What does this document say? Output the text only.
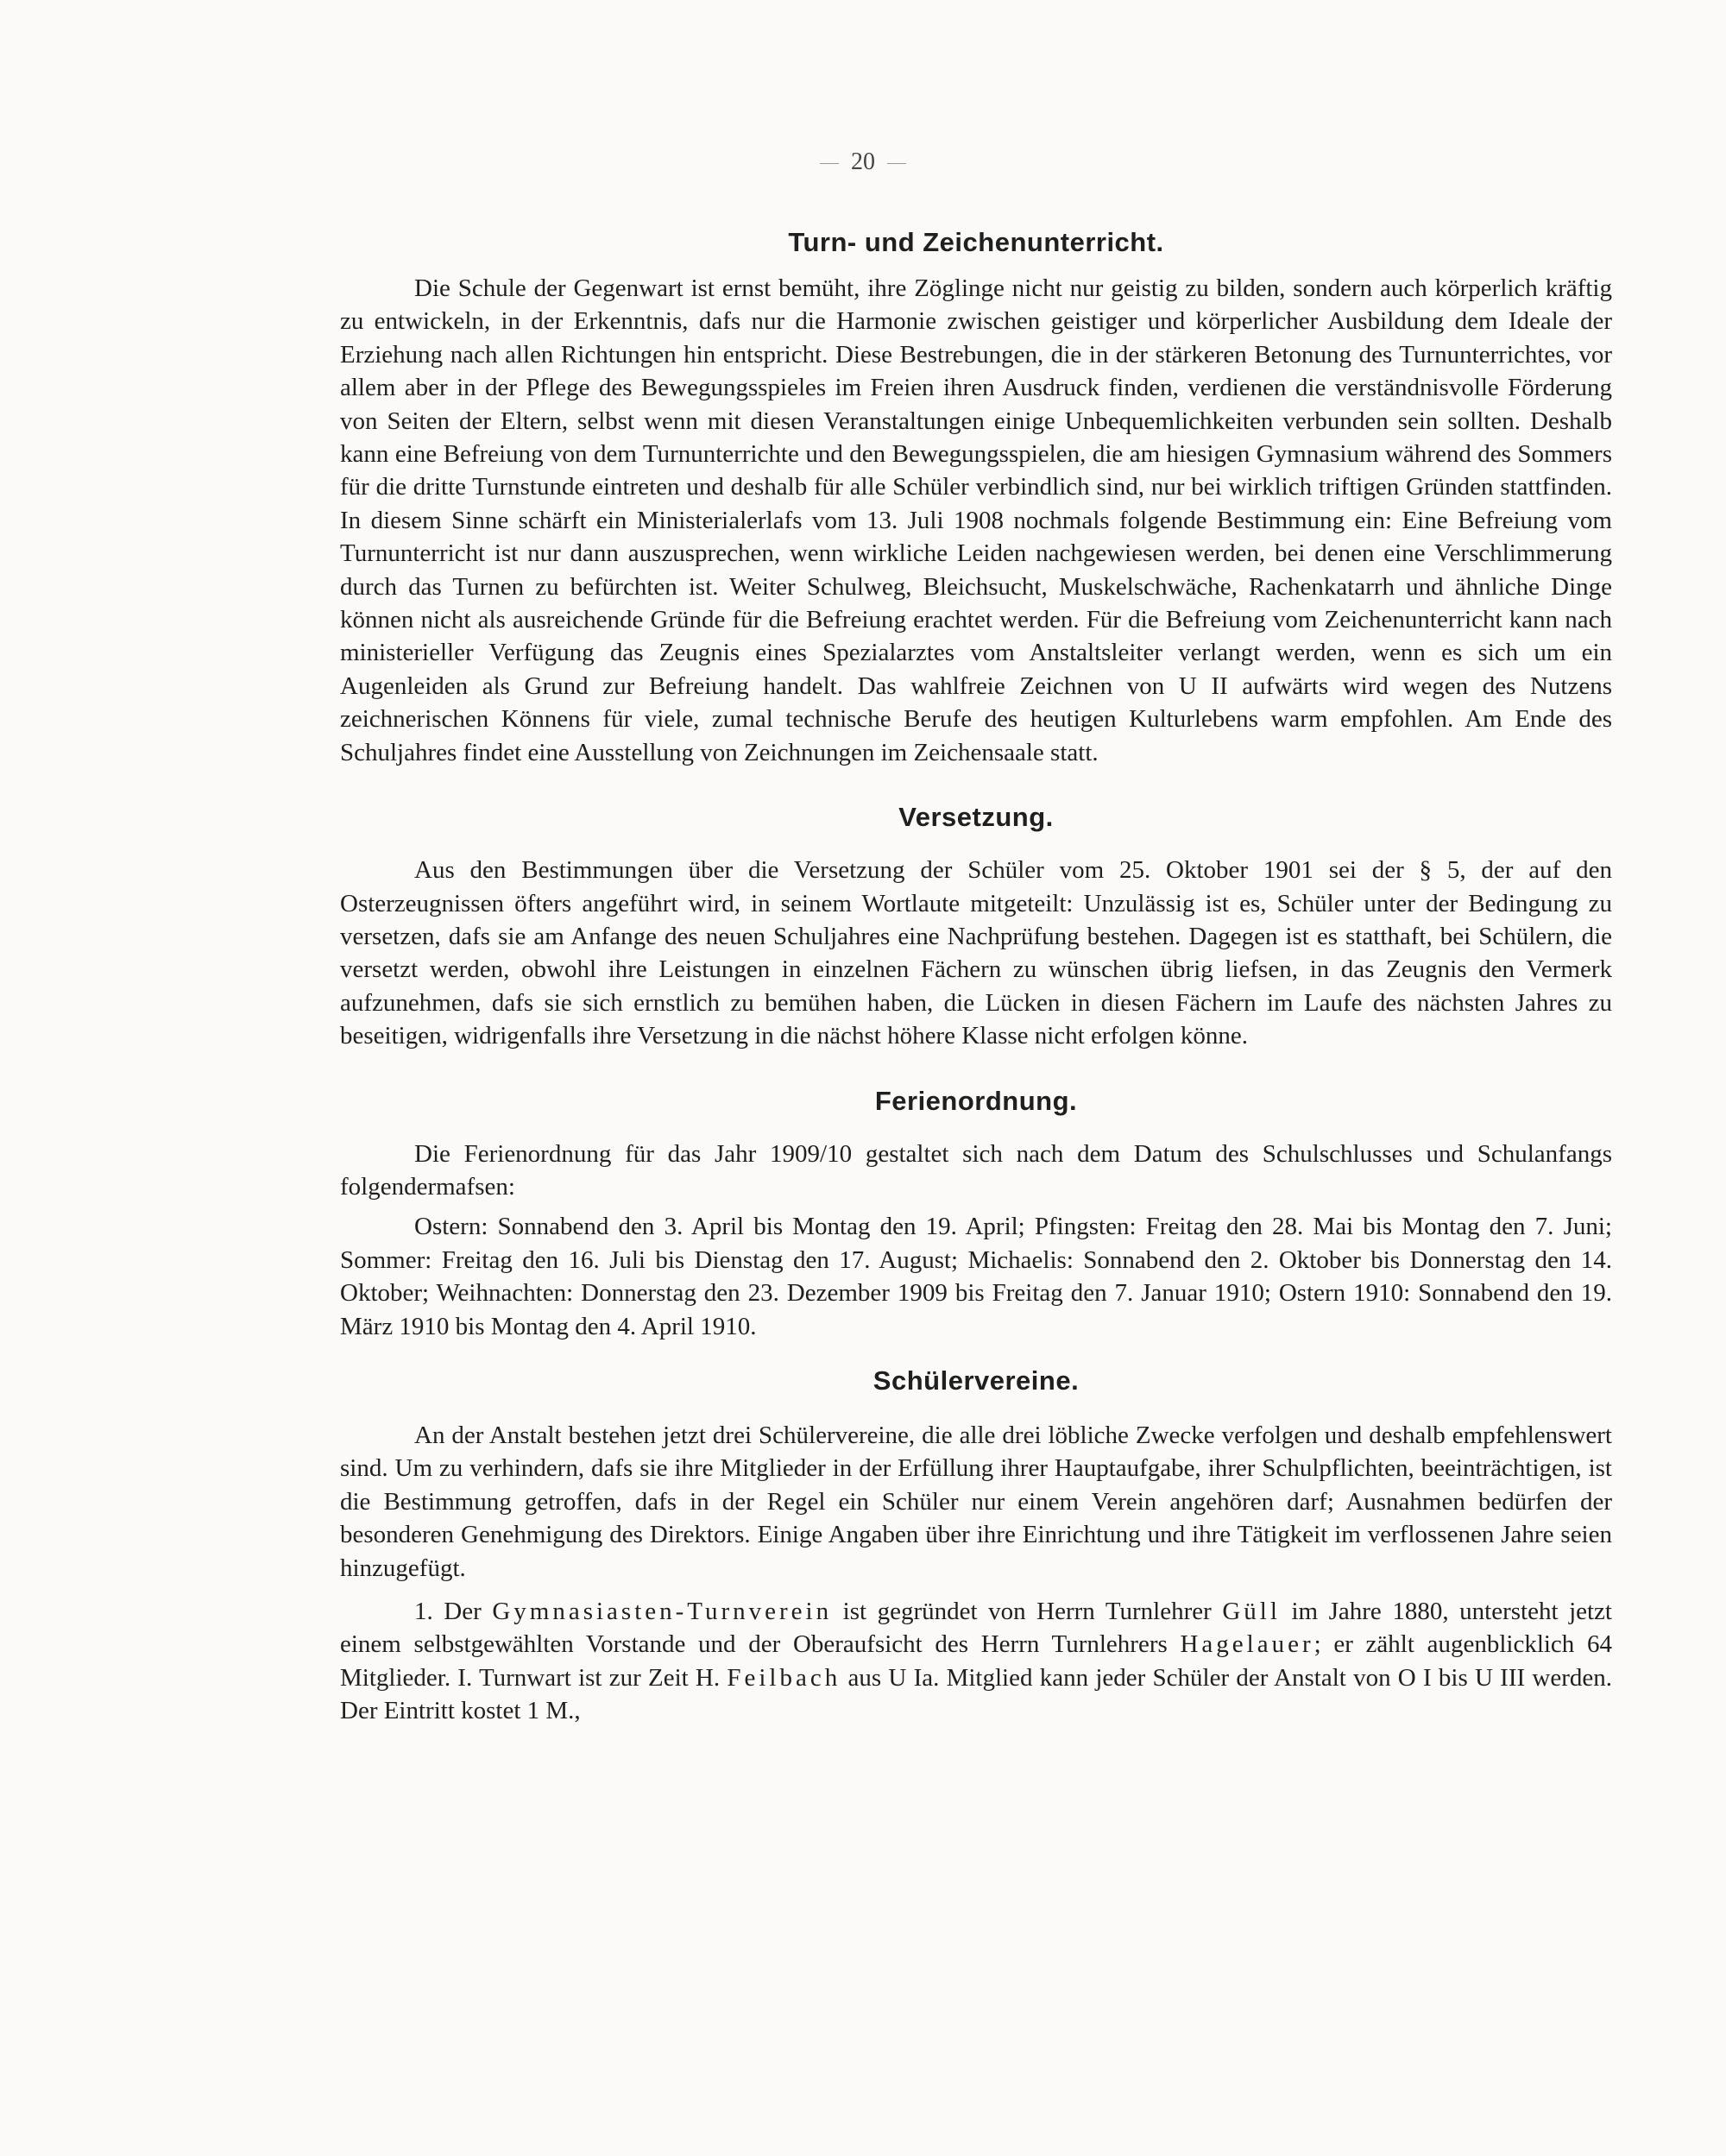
20
Turn- und Zeichenunterricht.

Die Schule der Gegenwart ist ernst bemüht, ihre Zöglinge nicht nur geistig zu bilden, sondern auch körperlich kräftig zu entwickeln, in der Erkenntnis, dafs nur die Harmonie zwischen geistiger und körperlicher Ausbildung dem Ideale der Erziehung nach allen Richtungen hin entspricht. Diese Bestrebungen, die in der stärkeren Betonung des Turnunterrichtes, vor allem aber in der Pflege des Bewegungsspieles im Freien ihren Ausdruck finden, verdienen die verständnisvolle Förderung von Seiten der Eltern, selbst wenn mit diesen Veranstaltungen einige Unbequemlichkeiten verbunden sein sollten. Deshalb kann eine Befreiung von dem Turnunterrichte und den Bewegungsspielen, die am hiesigen Gymnasium während des Sommers für die dritte Turnstunde eintreten und deshalb für alle Schüler verbindlich sind, nur bei wirklich triftigen Gründen stattfinden. In diesem Sinne schärft ein Ministerialerlafs vom 13. Juli 1908 nochmals folgende Bestimmung ein: Eine Befreiung vom Turnunterricht ist nur dann auszusprechen, wenn wirkliche Leiden nachgewiesen werden, bei denen eine Verschlimmerung durch das Turnen zu befürchten ist. Weiter Schulweg, Bleichsucht, Muskelschwäche, Rachenkatarrh und ähnliche Dinge können nicht als ausreichende Gründe für die Befreiung erachtet werden. Für die Befreiung vom Zeichenunterricht kann nach ministerieller Verfügung das Zeugnis eines Spezialarztes vom Anstaltsleiter verlangt werden, wenn es sich um ein Augenleiden als Grund zur Befreiung handelt. Das wahlfreie Zeichnen von U II aufwärts wird wegen des Nutzens zeichnerischen Könnens für viele, zumal technische Berufe des heutigen Kulturlebens warm empfohlen. Am Ende des Schuljahres findet eine Ausstellung von Zeichnungen im Zeichensaale statt.

Versetzung.

Aus den Bestimmungen über die Versetzung der Schüler vom 25. Oktober 1901 sei der § 5, der auf den Osterzeugnissen öfters angeführt wird, in seinem Wortlaute mitgeteilt: Unzulässig ist es, Schüler unter der Bedingung zu versetzen, dafs sie am Anfange des neuen Schuljahres eine Nachprüfung bestehen. Dagegen ist es statthaft, bei Schülern, die versetzt werden, obwohl ihre Leistungen in einzelnen Fächern zu wünschen übrig liefsen, in das Zeugnis den Vermerk aufzunehmen, dafs sie sich ernstlich zu bemühen haben, die Lücken in diesen Fächern im Laufe des nächsten Jahres zu beseitigen, widrigenfalls ihre Versetzung in die nächst höhere Klasse nicht erfolgen könne.

Ferienordnung.

Die Ferienordnung für das Jahr 1909/10 gestaltet sich nach dem Datum des Schulschlusses und Schulanfangs folgendermafsen:

Ostern: Sonnabend den 3. April bis Montag den 19. April; Pfingsten: Freitag den 28. Mai bis Montag den 7. Juni; Sommer: Freitag den 16. Juli bis Dienstag den 17. August; Michaelis: Sonnabend den 2. Oktober bis Donnerstag den 14. Oktober; Weihnachten: Donnerstag den 23. Dezember 1909 bis Freitag den 7. Januar 1910; Ostern 1910: Sonnabend den 19. März 1910 bis Montag den 4. April 1910.

Schülervereine.

An der Anstalt bestehen jetzt drei Schülervereine, die alle drei löbliche Zwecke verfolgen und deshalb empfehlenswert sind. Um zu verhindern, dafs sie ihre Mitglieder in der Erfüllung ihrer Hauptaufgabe, ihrer Schulpflichten, beeinträchtigen, ist die Bestimmung getroffen, dafs in der Regel ein Schüler nur einem Verein angehören darf; Ausnahmen bedürfen der besonderen Genehmigung des Direktors. Einige Angaben über ihre Einrichtung und ihre Tätigkeit im verflossenen Jahre seien hinzugefügt.

1. Der Gymnasiasten-Turnverein ist gegründet von Herrn Turnlehrer Güll im Jahre 1880, untersteht jetzt einem selbstgewählten Vorstande und der Oberaufsicht des Herrn Turnlehrers Hagelauer; er zählt augenblicklich 64 Mitglieder. I. Turnwart ist zur Zeit H. Feilbach aus U Ia. Mitglied kann jeder Schüler der Anstalt von O I bis U III werden. Der Eintritt kostet 1 M.,
